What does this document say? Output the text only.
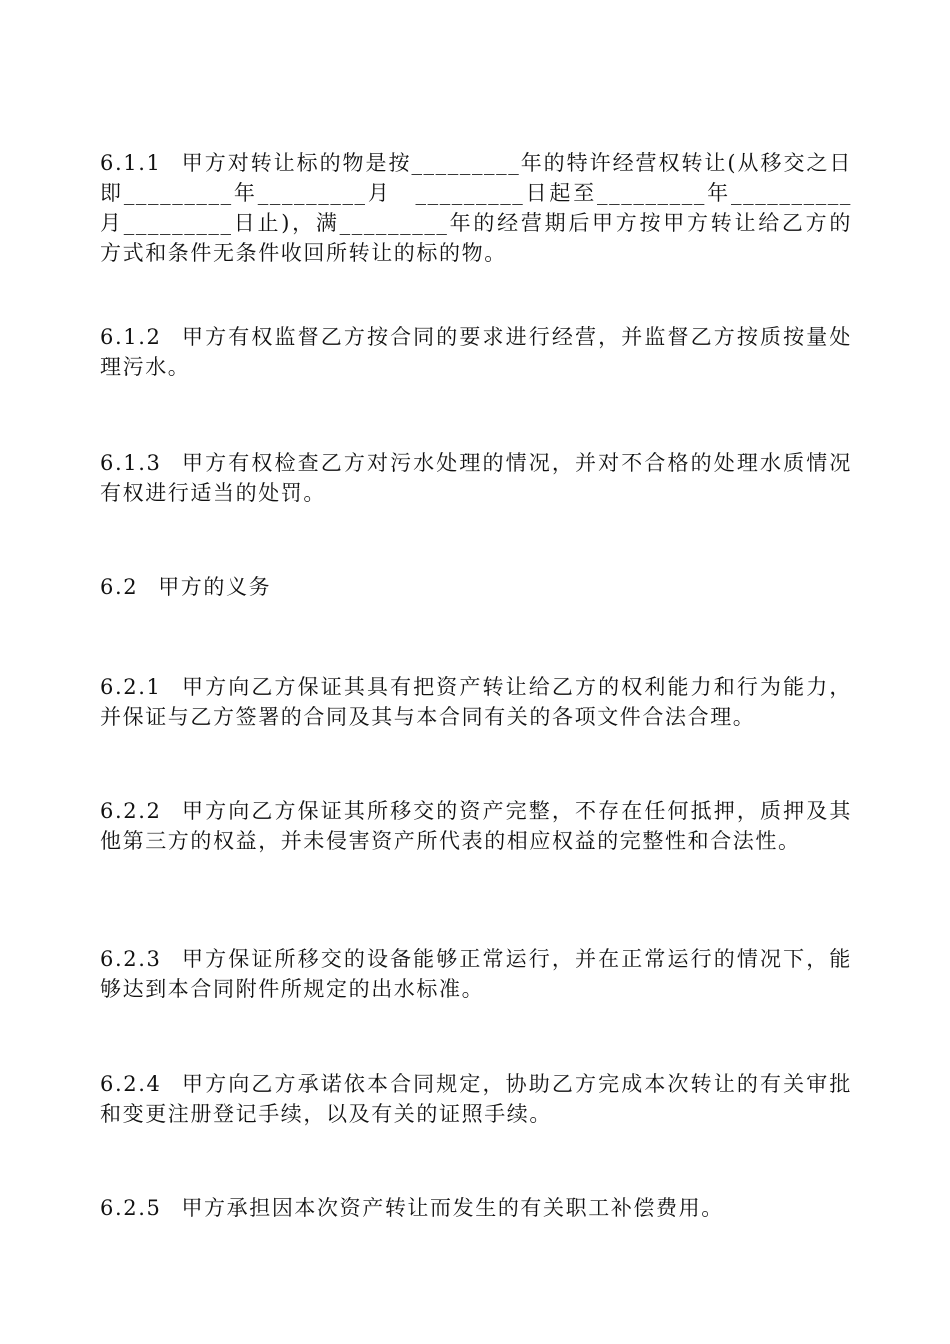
6.1.1 甲方对转让标的物是按_________年的特许经营权转让(从移交之日即_________年_________月　_________日起至_________年__________月_________日止)，满_________年的经营期后甲方按甲方转让给乙方的　方式和条件无条件收回所转让的标的物。

6.1.2 甲方有权监督乙方按合同的要求进行经营，并监督乙方按质按量处理污水。

6.1.3 甲方有权检查乙方对污水处理的情况，并对不合格的处理水质情况有权进行适当的处罚。

6.2 甲方的义务

6.2.1 甲方向乙方保证其具有把资产转让给乙方的权利能力和行为能力，并保证与乙方签署的合同及其与本合同有关的各项文件合法合理。

6.2.2 甲方向乙方保证其所移交的资产完整，不存在任何抵押，质押及其他第三方的权益，并未侵害资产所代表的相应权益的完整性和合法性。

6.2.3 甲方保证所移交的设备能够正常运行，并在正常运行的情况下，能够达到本合同附件所规定的出水标准。

6.2.4 甲方向乙方承诺依本合同规定，协助乙方完成本次转让的有关审批和变更注册登记手续，以及有关的证照手续。

6.2.5 甲方承担因本次资产转让而发生的有关职工补偿费用。
